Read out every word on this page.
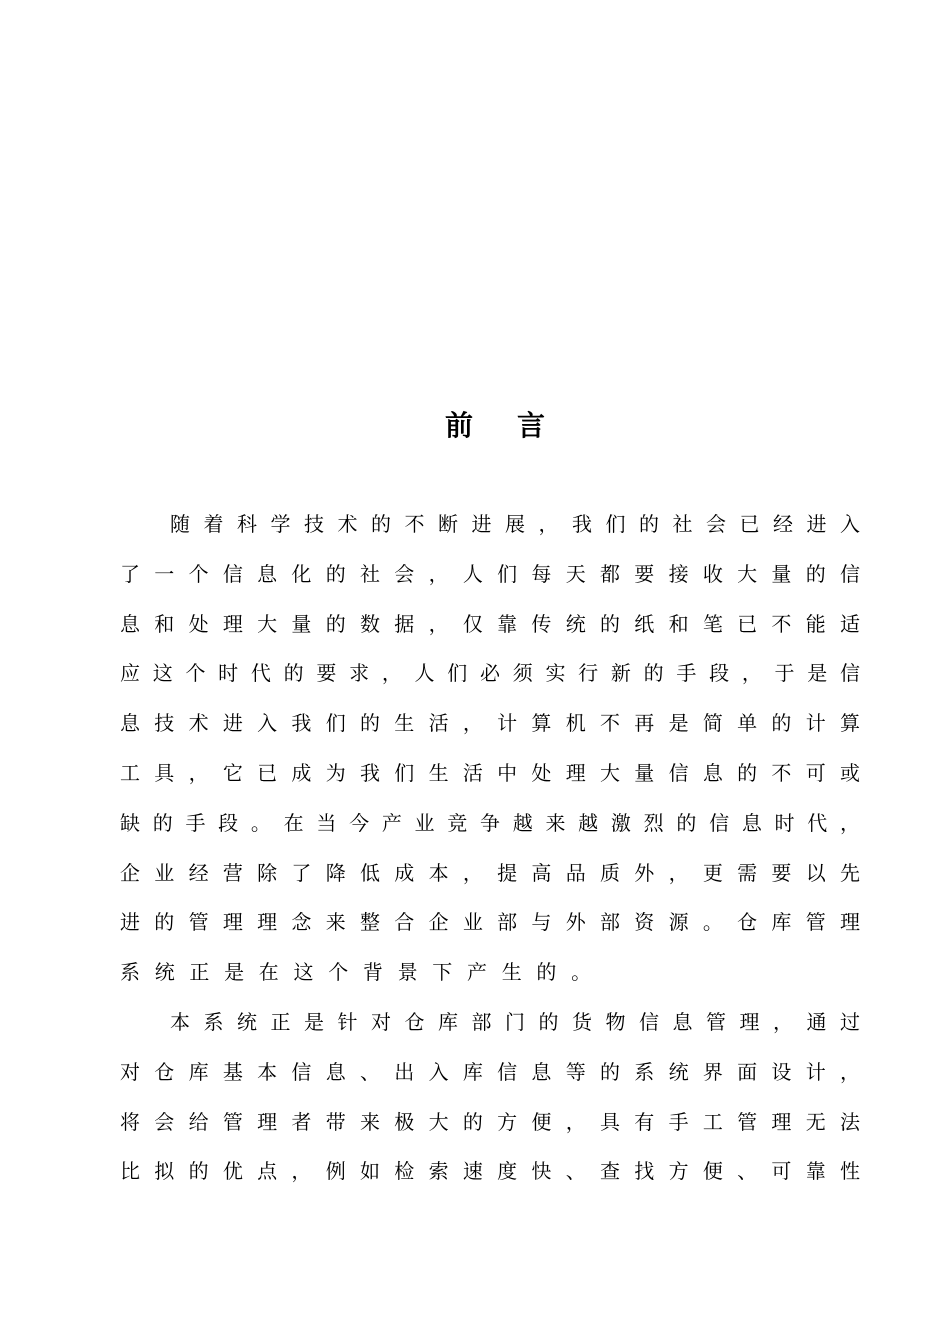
前 言
随 着 科 学 技 术 的 不 断 进 展 ， 我 们 的 社 会 已 经 进 入
了 一 个 信 息 化 的 社 会 ， 人 们 每 天 都 要 接 收 大 量 的 信
息 和 处 理 大 量 的 数 据 ， 仅 靠 传 统 的 纸 和 笔 已 不 能 适
应 这 个 时 代 的 要 求 ， 人 们 必 须 实 行 新 的 手 段 ， 于 是 信
息 技 术 进 入 我 们 的 生 活 ， 计 算 机 不 再 是 简 单 的 计 算
工 具 ， 它 已 成 为 我 们 生 活 中 处 理 大 量 信 息 的 不 可 或
缺 的 手 段 。 在 当 今 产 业 竞 争 越 来 越 激 烈 的 信 息 时 代 ，
企 业 经 营 除 了 降 低 成 本 ， 提 高 品 质 外 ， 更 需 要 以 先
进 的 管 理 理 念 来 整 合 企 业 部 与 外 部 资 源 。 仓 库 管 理
系 统 正 是 在 这 个 背 景 下 产 生 的 。
本 系 统 正 是 针 对 仓 库 部 门 的 货 物 信 息 管 理 ， 通 过
对 仓 库 基 本 信 息 、 出 入 库 信 息 等 的 系 统 界 面 设 计 ，
将 会 给 管 理 者 带 来 极 大 的 方 便 ， 具 有 手 工 管 理 无 法
比 拟 的 优 点 ， 例 如 检 索 速 度 快 、 查 找 方 便 、 可 靠 性
